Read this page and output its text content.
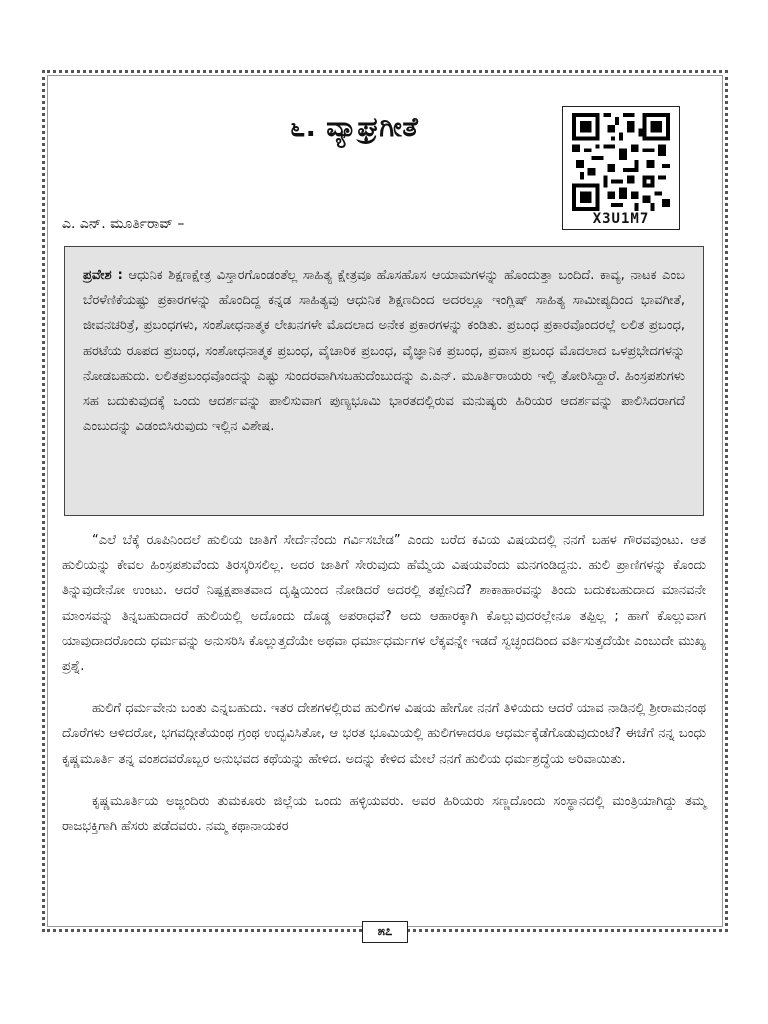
೬. ವ್ಯಾಘ್ರಗೀತೆ
X3U1M7
ಎ. ಎನ್. ಮೂರ್ತಿರಾವ್ –

ಪ್ರವೇಶ : ಆಧುನಿಕ ಶಿಕ್ಷಣಕ್ಷೇತ್ರ ವಿಸ್ತಾರಗೊಂಡಂತೆಲ್ಲ ಸಾಹಿತ್ಯ ಕ್ಷೇತ್ರವೂ ಹೊಸಹೊಸ ಆಯಾಮಗಳನ್ನು ಹೊಂದುತ್ತಾ ಬಂದಿದೆ. ಕಾವ್ಯ, ನಾಟಕ ಎಂಬ ಬೆರಳೆಣಿಕೆಯಷ್ಟು ಪ್ರಕಾರಗಳನ್ನು ಹೊಂದಿದ್ದ ಕನ್ನಡ ಸಾಹಿತ್ಯವು ಆಧುನಿಕ ಶಿಕ್ಷಣದಿಂದ ಅದರಲ್ಲೂ ಇಂಗ್ಲಿಷ್ ಸಾಹಿತ್ಯ ಸಾಮೀಪ್ಯದಿಂದ ಭಾವಗೀತೆ, ಜೀವನಚರಿತ್ರೆ, ಪ್ರಬಂಧಗಳು, ಸಂಶೋಧನಾತ್ಮಕ ಲೇಖನಗಳೇ ಮೊದಲಾದ ಅನೇಕ ಪ್ರಕಾರಗಳನ್ನು ಕಂಡಿತು. ಪ್ರಬಂಧ ಪ್ರಕಾರವೊಂದರಲ್ಲೆ ಲಲಿತ ಪ್ರಬಂಧ, ಹರಟೆಯ ರೂಪದ ಪ್ರಬಂಧ, ಸಂಶೋಧನಾತ್ಮಕ ಪ್ರಬಂಧ, ವೈಚಾರಿಕ ಪ್ರಬಂಧ, ವೈಜ್ಞಾನಿಕ ಪ್ರಬಂಧ, ಪ್ರವಾಸ ಪ್ರಬಂಧ ಮೊದಲಾದ ಒಳಪ್ರಭೇದಗಳನ್ನು ನೋಡಬಹುದು. ಲಲಿತಪ್ರಬಂಧವೊಂದನ್ನು ಎಷ್ಟು ಸುಂದರವಾಗಿಸಬಹುದೆಂಬುದನ್ನು ಎ.ಎನ್. ಮೂರ್ತಿರಾಯರು ಇಲ್ಲಿ ತೋರಿಸಿದ್ದಾರೆ. ಹಿಂಸ್ರಪಶುಗಳು ಸಹ ಬದುಕುವುದಕ್ಕೆ ಒಂದು ಆದರ್ಶವನ್ನು ಪಾಲಿಸುವಾಗ ಪುಣ್ಯಭೂಮಿ ಭಾರತದಲ್ಲಿರುವ ಮನುಷ್ಯರು ಹಿರಿಯರ ಆದರ್ಶವನ್ನು ಪಾಲಿಸಿದರಾಗದೆ ಎಂಬುದನ್ನು ವಿಡಂಬಿಸಿರುವುದು ಇಲ್ಲಿನ ವಿಶೇಷ.

“ಎಲೆ ಬೆಕ್ಕೆ ರೂಪಿನಿಂದಲೆ ಹುಲಿಯ ಜಾತಿಗೆ ಸೇರ್ದೆನೆಂದು ಗರ್ವಿಸಬೇಡ” ಎಂದು ಬರೆದ ಕವಿಯ ವಿಷಯದಲ್ಲಿ ನನಗೆ ಬಹಳ ಗೌರವವುಂಟು. ಆತ ಹುಲಿಯನ್ನು ಕೇವಲ ಹಿಂಸ್ರಪಶುವೆಂದು ತಿರಸ್ಕರಿಸಲಿಲ್ಲ. ಅದರ ಜಾತಿಗೆ ಸೇರುವುದು ಹೆಮ್ಮೆಯ ವಿಷಯವೆಂದು ಮನಗಂಡಿದ್ದನು. ಹುಲಿ ಪ್ರಾಣಿಗಳನ್ನು ಕೊಂದು ತಿನ್ನುವುದೇನೋ ಉಂಟು. ಆದರೆ ನಿಷ್ಪಕ್ಷಪಾತವಾದ ದೃಷ್ಟಿಯಿಂದ ನೋಡಿದರೆ ಅದರಲ್ಲಿ ತಪ್ಪೇನಿದೆ? ಶಾಕಾಹಾರವನ್ನು ತಿಂದು ಬದುಕಬಹುದಾದ ಮಾನವನೇ ಮಾಂಸವನ್ನು ತಿನ್ನಬಹುದಾದರೆ ಹುಲಿಯಲ್ಲಿ ಅದೊಂದು ದೊಡ್ಡ ಅಪರಾಧವೆ? ಅದು ಆಹಾರಕ್ಕಾಗಿ ಕೊಲ್ಲುವುದರಲ್ಲೇನೂ ತಪ್ಪಿಲ್ಲ ; ಹಾಗೆ ಕೊಲ್ಲುವಾಗ ಯಾವುದಾದರೊಂದು ಧರ್ಮವನ್ನು ಅನುಸರಿಸಿ ಕೊಲ್ಲುತ್ತದೆಯೇ ಅಥವಾ ಧರ್ಮಾಧರ್ಮಗಳ ಲೆಕ್ಕವನ್ನೇ ಇಡದೆ ಸ್ವಚ್ಛಂದದಿಂದ ವರ್ತಿಸುತ್ತದೆಯೇ ಎಂಬುದೇ ಮುಖ್ಯ ಪ್ರಶ್ನೆ.

ಹುಲಿಗೆ ಧರ್ಮವೇನು ಬಂತು ಎನ್ನಬಹುದು. ಇತರ ದೇಶಗಳಲ್ಲಿರುವ ಹುಲಿಗಳ ವಿಷಯ ಹೇಗೋ ನನಗೆ ತಿಳಿಯದು ಆದರೆ ಯಾವ ನಾಡಿನಲ್ಲಿ ಶ್ರೀರಾಮನಂಥ ದೊರೆಗಳು ಆಳಿದರೋ, ಭಗವದ್ಗೀತೆಯಂಥ ಗ್ರಂಥ ಉದ್ಭವಿಸಿತೋ, ಆ ಭರತ ಭೂಮಿಯಲ್ಲಿ ಹುಲಿಗಳಾದರೂ ಆಧರ್ಮಕ್ಕೆಡೆಗೊಡುವುದುಂಟೆ? ಈಚೆಗೆ ನನ್ನ ಬಂಧು ಕೃಷ್ಣಮೂರ್ತಿ ತನ್ನ ವಂಶದವರೊಬ್ಬರ ಅನುಭವದ ಕಥೆಯನ್ನು ಹೇಳಿದ. ಅದನ್ನು ಕೇಳಿದ ಮೇಲೆ ನನಗೆ ಹುಲಿಯ ಧರ್ಮಶ್ರದ್ಧೆಯ ಅರಿವಾಯಿತು.

ಕೃಷ್ಣಮೂರ್ತಿಯ ಅಜ್ಜಂದಿರು ತುಮಕೂರು ಜಿಲ್ಲೆಯ ಒಂದು ಹಳ್ಳಿಯವರು. ಅವರ ಹಿರಿಯರು ಸಣ್ಣದೊಂದು ಸಂಸ್ಥಾನದಲ್ಲಿ ಮಂತ್ರಿಯಾಗಿದ್ದು ತಮ್ಮ ರಾಜಭಕ್ತಿಗಾಗಿ ಹೆಸರು ಪಡೆದವರು. ನಮ್ಮ ಕಥಾನಾಯಕರ

೫೭
